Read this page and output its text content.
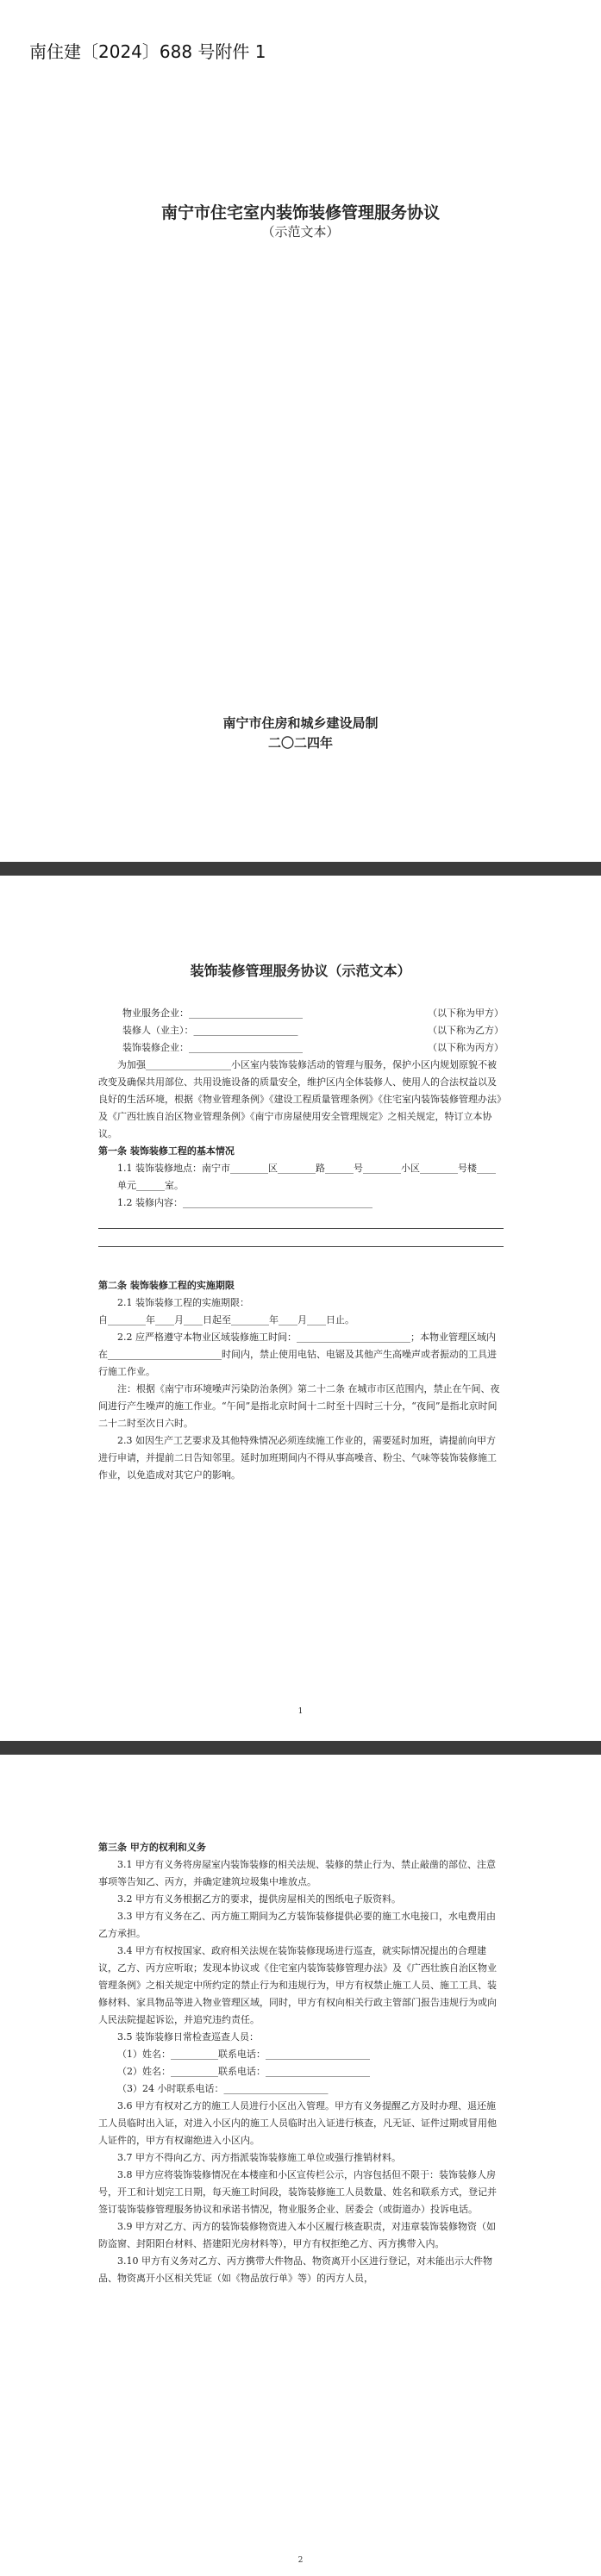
南住建〔2024〕688 号附件 1
南宁市住宅室内装饰装修管理服务协议
（示范文本）
南宁市住房和城乡建设局制
二〇二四年
装饰装修管理服务协议（示范文本）
物业服务企业：________________________	（以下称为甲方）
装修人（业主）：______________________	（以下称为乙方）
装饰装修企业：________________________	（以下称为丙方）

为加强__________________小区室内装饰装修活动的管理与服务，保护小区内规划原貌不被改变及确保共用部位、共用设施设备的质量安全，维护区内全体装修人、使用人的合法权益以及良好的生活环境，根据《物业管理条例》《建设工程质量管理条例》《住宅室内装饰装修管理办法》及《广西壮族自治区物业管理条例》《南宁市房屋使用安全管理规定》之相关规定，特订立本协议。

第一条 装饰装修工程的基本情况

1.1 装饰装修地点：南宁市________区________路______号________小区________号楼____单元______室。

1.2 装修内容：________________________________________

第二条 装饰装修工程的实施期限

2.1 装饰装修工程的实施期限：

自________年____月____日起至________年____月____日止。

2.2 应严格遵守本物业区域装修施工时间：________________________；本物业管理区域内在________________________时间内，禁止使用电钻、电锯及其他产生高噪声或者振动的工具进行施工作业。

注：根据《南宁市环境噪声污染防治条例》第二十二条 在城市市区范围内，禁止在午间、夜间进行产生噪声的施工作业。“午间”是指北京时间十二时至十四时三十分，“夜间”是指北京时间二十二时至次日六时。

2.3 如因生产工艺要求及其他特殊情况必须连续施工作业的，需要延时加班，请提前向甲方进行申请，并提前二日告知邻里。延时加班期间内不得从事高噪音、粉尘、气味等装饰装修施工作业，以免造成对其它户的影响。

1

第三条 甲方的权利和义务

3.1 甲方有义务将房屋室内装饰装修的相关法规、装修的禁止行为、禁止敲凿的部位、注意事项等告知乙、丙方，并确定建筑垃圾集中堆放点。

3.2 甲方有义务根据乙方的要求，提供房屋相关的图纸电子版资料。

3.3 甲方有义务在乙、丙方施工期间为乙方装饰装修提供必要的施工水电接口，水电费用由乙方承担。

3.4 甲方有权按国家、政府相关法规在装饰装修现场进行巡查，就实际情况提出的合理建议，乙方、丙方应听取；发现本协议或《住宅室内装饰装修管理办法》及《广西壮族自治区物业管理条例》之相关规定中所约定的禁止行为和违规行为，甲方有权禁止施工人员、施工工具、装修材料、家具物品等进入物业管理区域，同时，甲方有权向相关行政主管部门报告违规行为或向人民法院提起诉讼，并追究违约责任。

3.5 装饰装修日常检查巡查人员：

（1）姓名：__________联系电话：______________________

（2）姓名：__________联系电话：______________________

（3）24 小时联系电话：______________________

3.6 甲方有权对乙方的施工人员进行小区出入管理。甲方有义务提醒乙方及时办理、退还施工人员临时出入证，对进入小区内的施工人员临时出入证进行核查，凡无证、证件过期或冒用他人证件的，甲方有权谢绝进入小区内。

3.7 甲方不得向乙方、丙方指派装饰装修施工单位或强行推销材料。

3.8 甲方应将装饰装修情况在本楼座和小区宣传栏公示，内容包括但不限于：装饰装修人房号，开工和计划完工日期，每天施工时间段，装饰装修施工人员数量、姓名和联系方式，登记并签订装饰装修管理服务协议和承诺书情况，物业服务企业、居委会（或街道办）投诉电话。

3.9 甲方对乙方、丙方的装饰装修物资进入本小区履行核查职责，对违章装饰装修物资（如防盗窗、封阳阳台材料、搭建阳光房材料等），甲方有权拒绝乙方、丙方携带入内。

3.10 甲方有义务对乙方、丙方携带大件物品、物资离开小区进行登记，对未能出示大件物品、物资离开小区相关凭证（如《物品放行单》等）的丙方人员，

2
